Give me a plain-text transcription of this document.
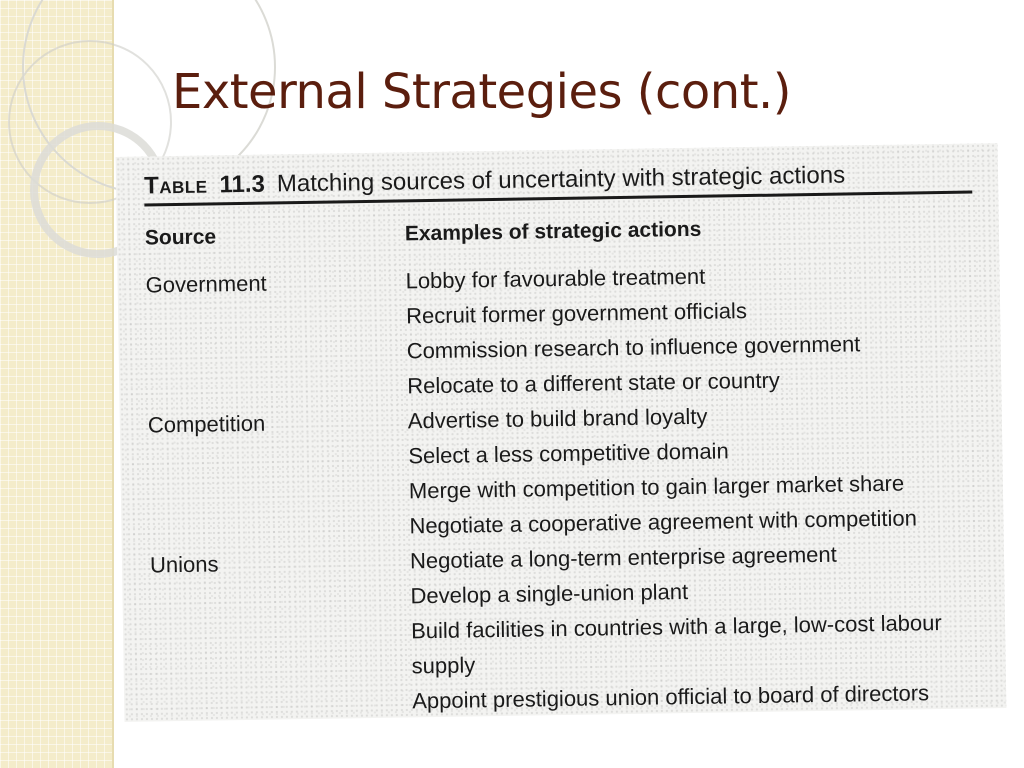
External Strategies (cont.)
Table 11.3 Matching sources of uncertainty with strategic actions
Source	Examples of strategic actions
Government	Lobby for favourable treatment
Recruit former government officials
Commission research to influence government
Relocate to a different state or country
Competition	Advertise to build brand loyalty
Select a less competitive domain
Merge with competition to gain larger market share
Negotiate a cooperative agreement with competition
Unions	Negotiate a long-term enterprise agreement
Develop a single-union plant
Build facilities in countries with a large, low-cost labour
supply
Appoint prestigious union official to board of directors
